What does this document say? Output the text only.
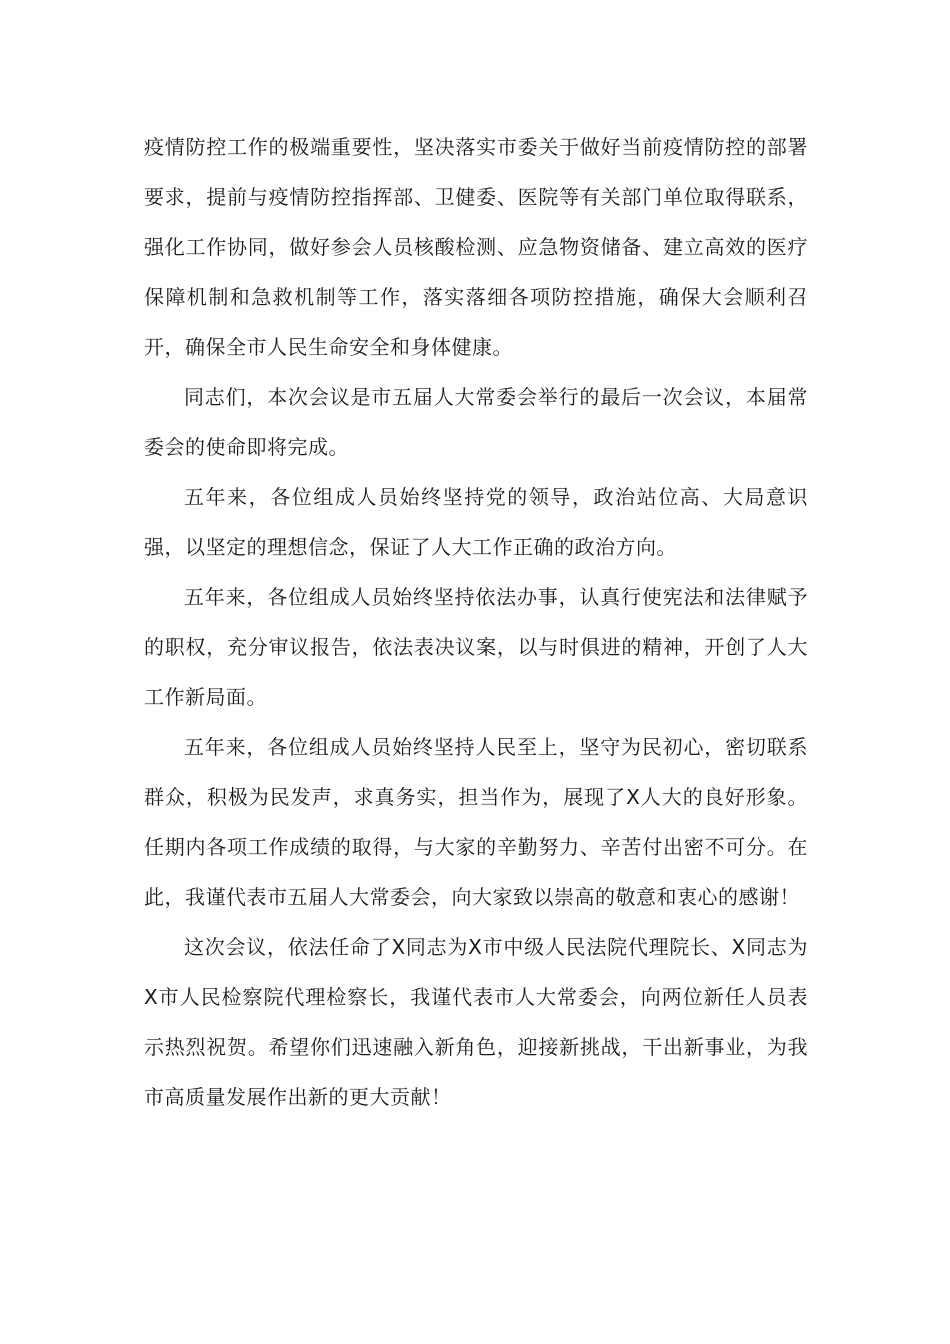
疫情防控工作的极端重要性，坚决落实市委关于做好当前疫情防控的部署要求，提前与疫情防控指挥部、卫健委、医院等有关部门单位取得联系，强化工作协同，做好参会人员核酸检测、应急物资储备、建立高效的医疗保障机制和急救机制等工作，落实落细各项防控措施，确保大会顺利召开，确保全市人民生命安全和身体健康。

同志们，本次会议是市五届人大常委会举行的最后一次会议，本届常委会的使命即将完成。

五年来，各位组成人员始终坚持党的领导，政治站位高、大局意识强，以坚定的理想信念，保证了人大工作正确的政治方向。

五年来，各位组成人员始终坚持依法办事，认真行使宪法和法律赋予的职权，充分审议报告，依法表决议案，以与时俱进的精神，开创了人大工作新局面。

五年来，各位组成人员始终坚持人民至上，坚守为民初心，密切联系群众，积极为民发声，求真务实，担当作为，展现了X人大的良好形象。任期内各项工作成绩的取得，与大家的辛勤努力、辛苦付出密不可分。在此，我谨代表市五届人大常委会，向大家致以崇高的敬意和衷心的感谢！

这次会议，依法任命了X同志为X市中级人民法院代理院长、X同志为X市人民检察院代理检察长，我谨代表市人大常委会，向两位新任人员表示热烈祝贺。希望你们迅速融入新角色，迎接新挑战，干出新事业，为我市高质量发展作出新的更大贡献！
